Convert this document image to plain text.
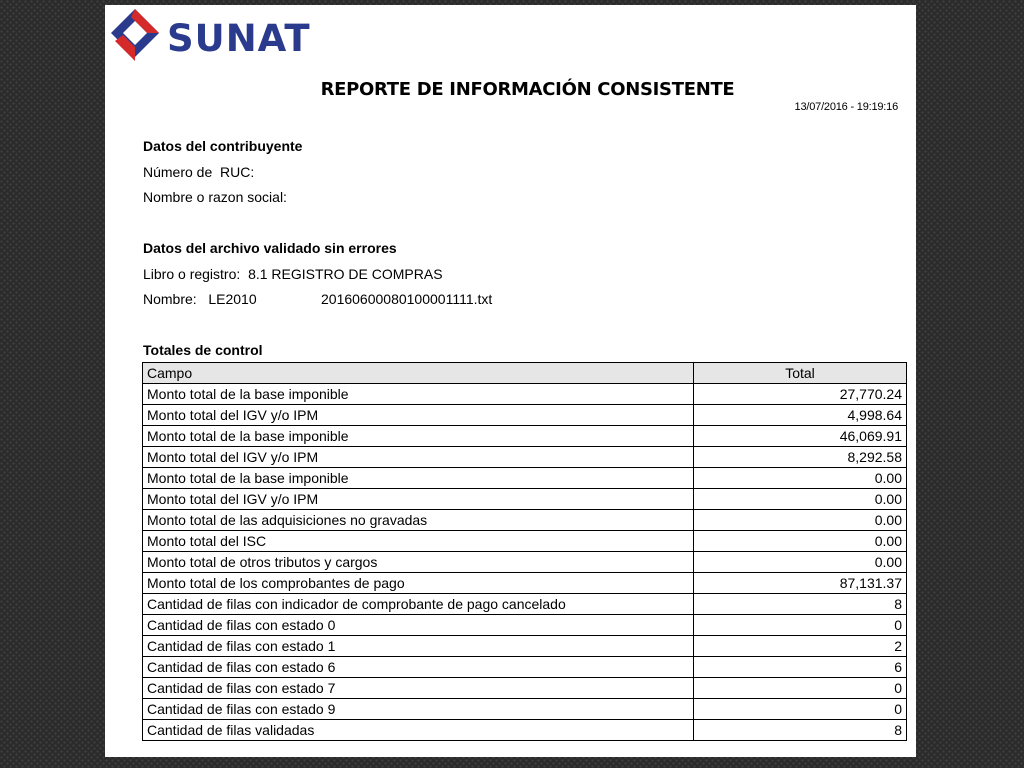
SUNAT
REPORTE DE INFORMACIÓN CONSISTENTE
13/07/2016 - 19:19:16
Datos del contribuyente
Número de  RUC:
Nombre o razon social:
Datos del archivo validado sin errores
Libro o registro: 8.1 REGISTRO DE COMPRAS
Nombre: LE2010	20160600080100001111.txt
Totales de control
Campo	Total
Monto total de la base imponible	27,770.24
Monto total del IGV y/o IPM	4,998.64
Monto total de la base imponible	46,069.91
Monto total del IGV y/o IPM	8,292.58
Monto total de la base imponible	0.00
Monto total del IGV y/o IPM	0.00
Monto total de las adquisiciones no gravadas	0.00
Monto total del ISC	0.00
Monto total de otros tributos y cargos	0.00
Monto total de los comprobantes de pago	87,131.37
Cantidad de filas con indicador de comprobante de pago cancelado	8
Cantidad de filas con estado 0	0
Cantidad de filas con estado 1	2
Cantidad de filas con estado 6	6
Cantidad de filas con estado 7	0
Cantidad de filas con estado 9	0
Cantidad de filas validadas	8
